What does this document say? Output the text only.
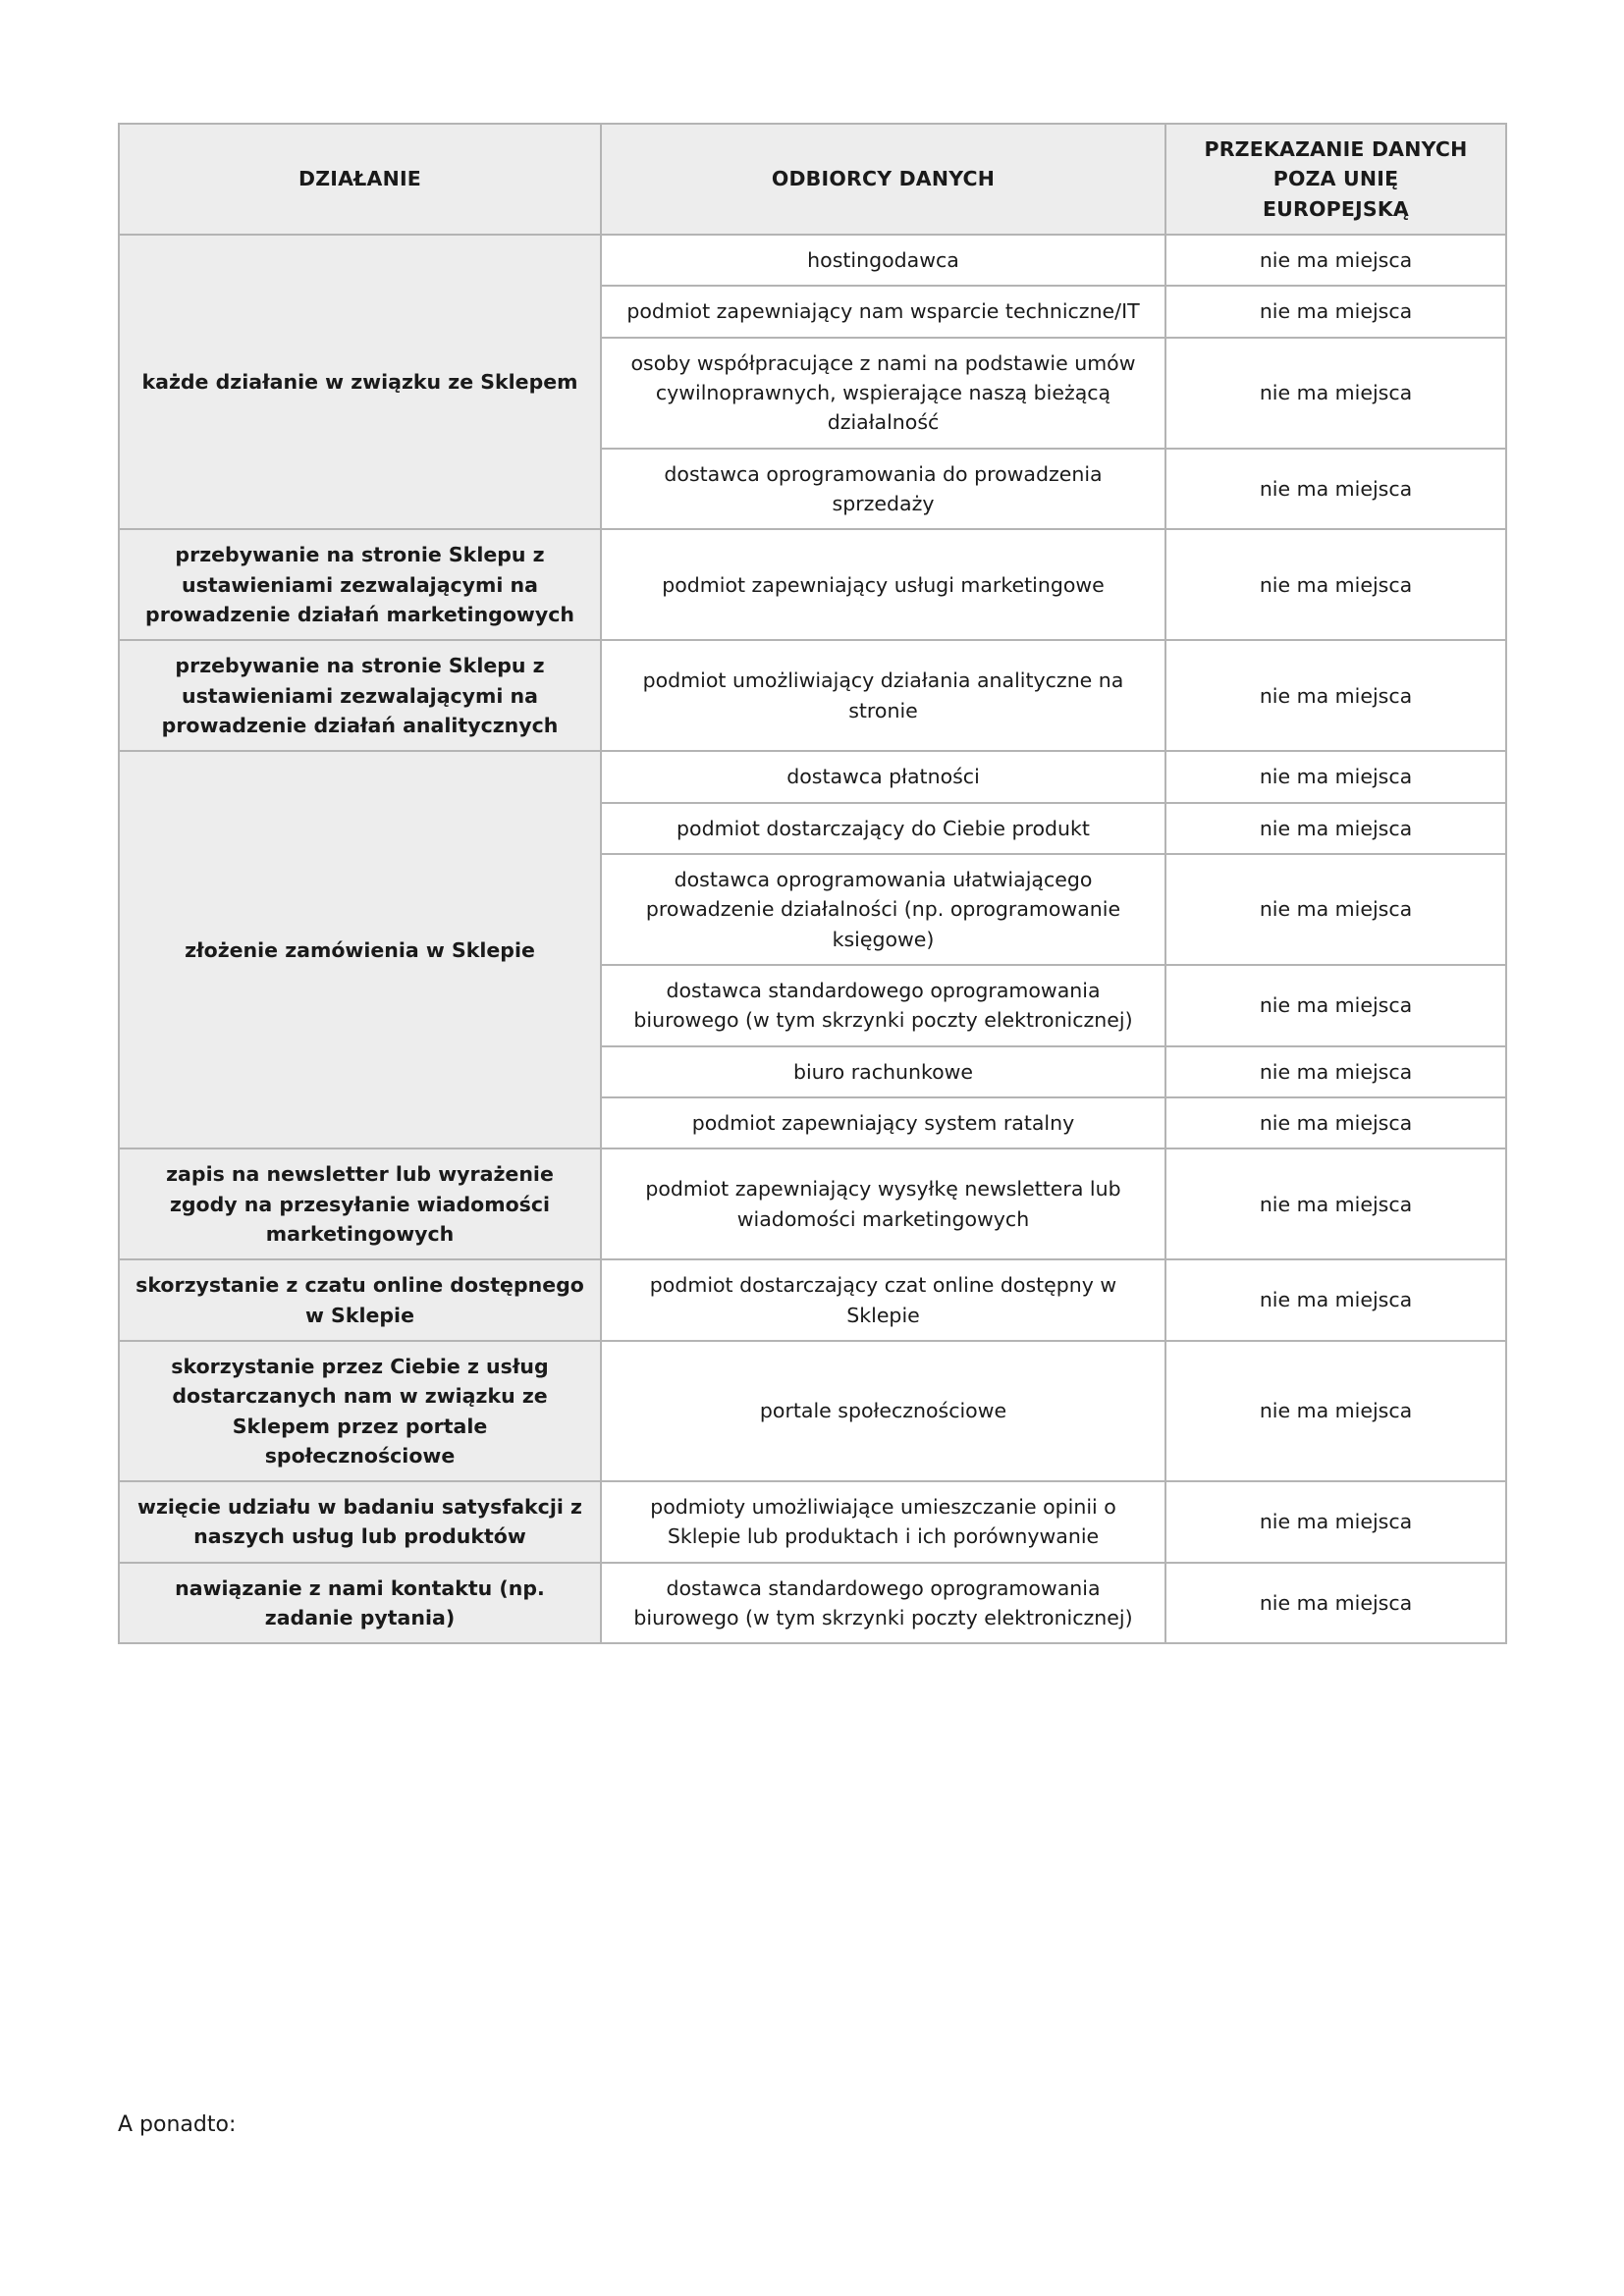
DZIAŁANIE	ODBIORCY DANYCH	PRZEKAZANIE DANYCH
POZA UNIĘ
EUROPEJSKĄ
każde działanie w związku ze Sklepem	hostingodawca	nie ma miejsca
	podmiot zapewniający nam wsparcie techniczne/IT	nie ma miejsca
	osoby współpracujące z nami na podstawie umów cywilnoprawnych, wspierające naszą bieżącą działalność	nie ma miejsca
	dostawca oprogramowania do prowadzenia sprzedaży	nie ma miejsca
przebywanie na stronie Sklepu z ustawieniami zezwalającymi na prowadzenie działań marketingowych	podmiot zapewniający usługi marketingowe	nie ma miejsca
przebywanie na stronie Sklepu z ustawieniami zezwalającymi na prowadzenie działań analitycznych	podmiot umożliwiający działania analityczne na stronie	nie ma miejsca
złożenie zamówienia w Sklepie	dostawca płatności	nie ma miejsca
	podmiot dostarczający do Ciebie produkt	nie ma miejsca
	dostawca oprogramowania ułatwiającego prowadzenie działalności (np. oprogramowanie księgowe)	nie ma miejsca
	dostawca standardowego oprogramowania biurowego (w tym skrzynki poczty elektronicznej)	nie ma miejsca
	biuro rachunkowe	nie ma miejsca
	podmiot zapewniający system ratalny	nie ma miejsca
zapis na newsletter lub wyrażenie zgody na przesyłanie wiadomości marketingowych	podmiot zapewniający wysyłkę newslettera lub wiadomości marketingowych	nie ma miejsca
skorzystanie z czatu online dostępnego w Sklepie	podmiot dostarczający czat online dostępny w Sklepie	nie ma miejsca
skorzystanie przez Ciebie z usług dostarczanych nam w związku ze Sklepem przez portale społecznościowe	portale społecznościowe	nie ma miejsca
wzięcie udziału w badaniu satysfakcji z naszych usług lub produktów	podmioty umożliwiające umieszczanie opinii o Sklepie lub produktach i ich porównywanie	nie ma miejsca
nawiązanie z nami kontaktu (np. zadanie pytania)	dostawca standardowego oprogramowania biurowego (w tym skrzynki poczty elektronicznej)	nie ma miejsca
A ponadto:
